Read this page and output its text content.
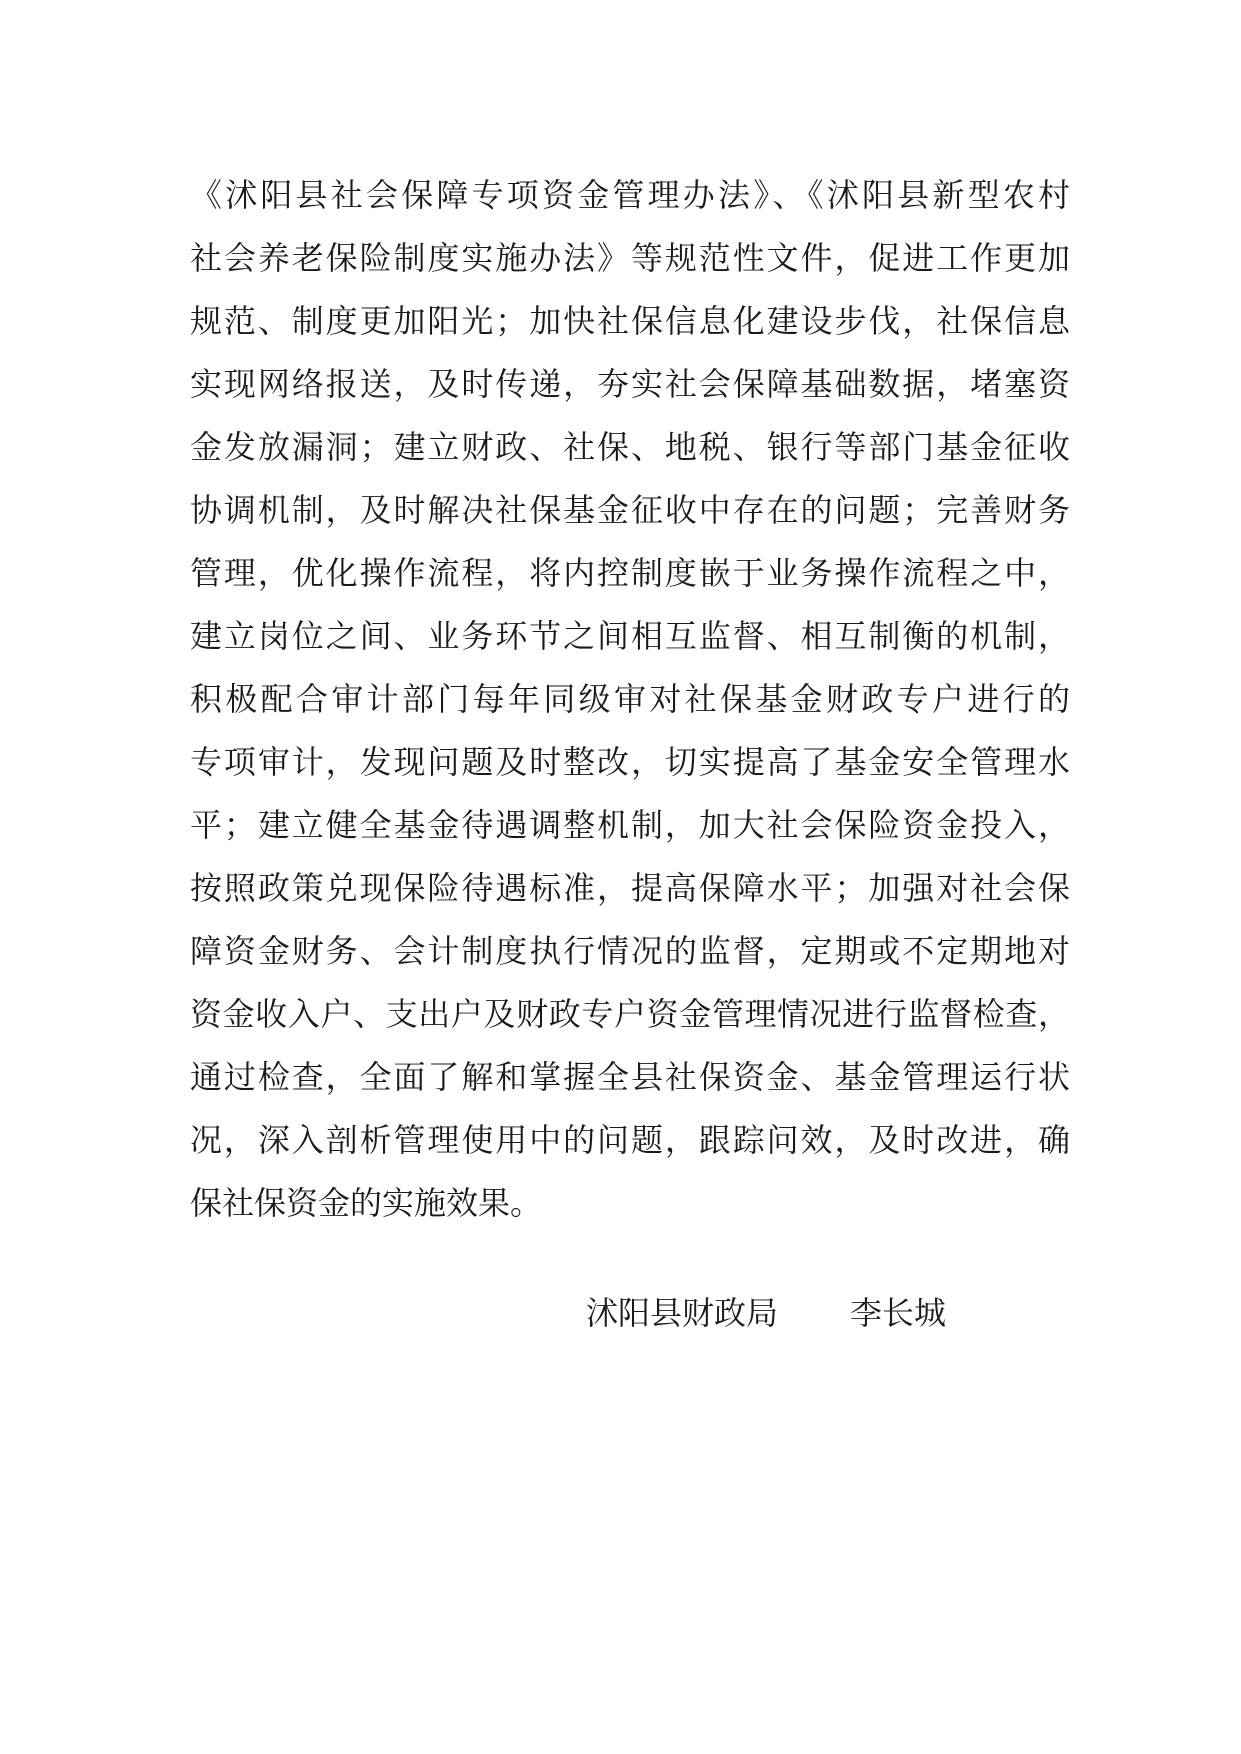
《沭阳县社会保障专项资金管理办法》、《沭阳县新型农村
社会养老保险制度实施办法》等规范性文件，促进工作更加
规范、制度更加阳光；加快社保信息化建设步伐，社保信息
实现网络报送，及时传递，夯实社会保障基础数据，堵塞资
金发放漏洞；建立财政、社保、地税、银行等部门基金征收
协调机制，及时解决社保基金征收中存在的问题；完善财务
管理，优化操作流程，将内控制度嵌于业务操作流程之中，
建立岗位之间、业务环节之间相互监督、相互制衡的机制，
积极配合审计部门每年同级审对社保基金财政专户进行的
专项审计，发现问题及时整改，切实提高了基金安全管理水
平；建立健全基金待遇调整机制，加大社会保险资金投入，
按照政策兑现保险待遇标准，提高保障水平；加强对社会保
障资金财务、会计制度执行情况的监督，定期或不定期地对
资金收入户、支出户及财政专户资金管理情况进行监督检查，
通过检查，全面了解和掌握全县社保资金、基金管理运行状
况，深入剖析管理使用中的问题，跟踪问效，及时改进，确
保社保资金的实施效果。
沭阳县财政局 李长城
